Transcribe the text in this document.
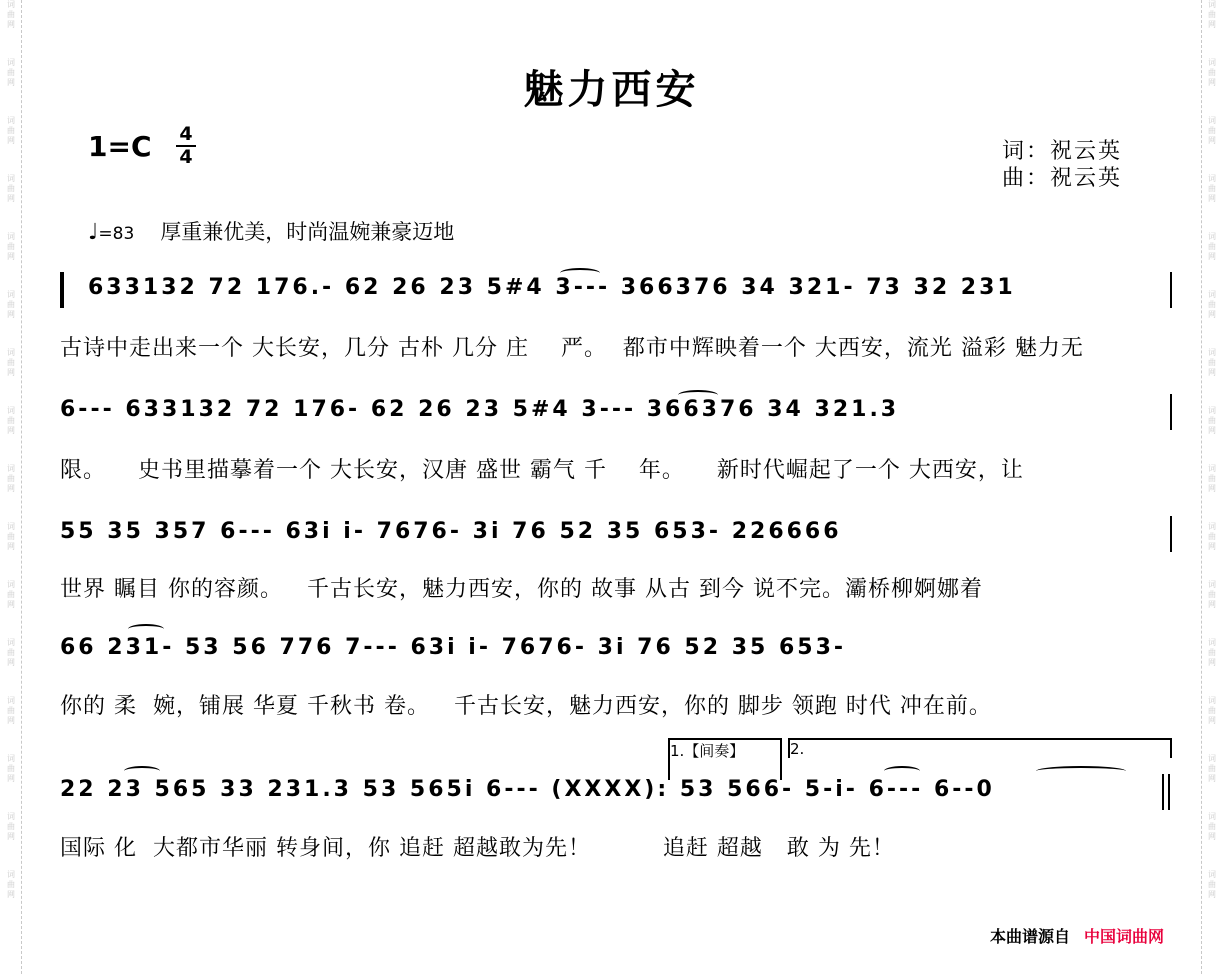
词曲网
词曲网
词曲网
词曲网
词曲网
词曲网
词曲网
词曲网
词曲网
词曲网
词曲网
词曲网
词曲网
词曲网
词曲网
词曲网
词曲网
词曲网
词曲网
词曲网
词曲网
词曲网
词曲网
词曲网
词曲网
词曲网
词曲网
词曲网
词曲网
词曲网
词曲网
词曲网
魅力西安
$1=C \frac{4}{4}$	词：祝云英
曲：祝云英
♩=83 厚重兼优美，时尚温婉兼豪迈地
633132 72 176.- 62 26 23 5#4 3--- 366376 34 321- 73 32 231
古诗中走出来一个 大长安，几分 古朴 几分 庄    严。  都市中辉映着一个 大西安，流光 溢彩 魅力无
6--- 633132 72 176- 62 26 23 5#4 3--- 366376 34 321.3
限。    史书里描摹着一个 大长安，汉唐 盛世 霸气 千    年。    新时代崛起了一个 大西安，让
55 35 357 6--- 63i i- 7676- 3i 76 52 35 653- 226666
世界 瞩目 你的容颜。   千古长安，魅力西安，你的 故事 从古 到今 说不完。灞桥柳婀娜着
66 231- 53 56 776 7--- 63i i- 7676- 3i 76 52 35 653-
你的 柔  婉，铺展 华夏 千秋书 卷。   千古长安，魅力西安，你的 脚步 领跑 时代 冲在前。
1.【间奏】	2.
22 23 565 33 231.3 53 565i 6--- (XXXX): 53 566- 5-i- 6--- 6--0
国际 化  大都市华丽 转身间，你 追赶 超越敢为先！         追赶 超越   敢 为 先！
本曲谱源自 中国词曲网
